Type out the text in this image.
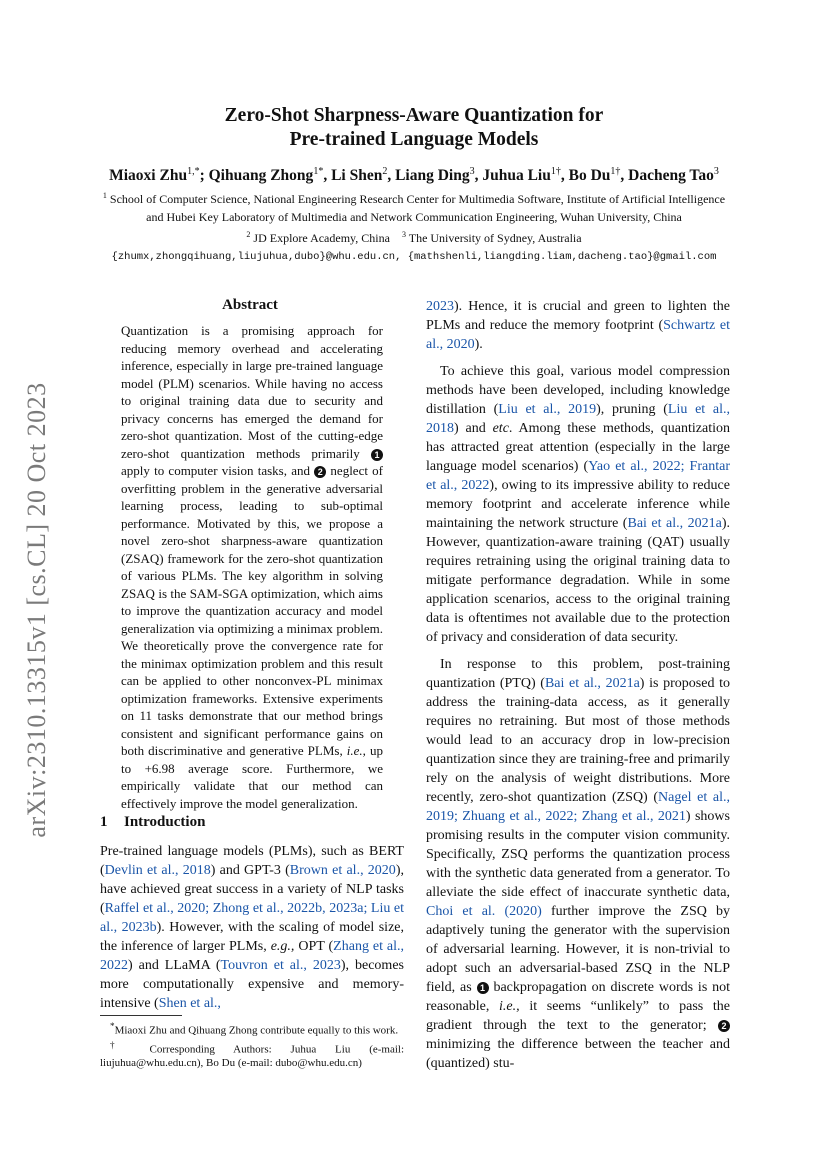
arXiv:2310.13315v1 [cs.CL] 20 Oct 2023
Zero-Shot Sharpness-Aware Quantization for
Pre-trained Language Models
Miaoxi Zhu$^{1,*}$; Qihuang Zhong$^{1*}$, Li Shen$^2$, Liang Ding$^3$, Juhua Liu$^{1\dagger}$, Bo $Du^{1\dagger}$, Dacheng Tao$^3$
$^1$ School of Computer Science, National Engineering Research Center for Multimedia Software, Institute of Artificial Intelligence
and Hubei Key Laboratory of Multimedia and Network Communication Engineering, Wuhan University, China
$^2$ JD Explore Academy, China $^3$ The University of Sydney, Australia
{zhumx,zhongqihuang,liujuhua,dubo}@whu.edu.cn, {mathshenli,liangding.liam,dacheng.tao}@gmail.com
Abstract
Quantization is a promising approach for reducing memory overhead and accelerating inference, especially in large pre-trained language model (PLM) scenarios. While having no access to original training data due to security and privacy concerns has emerged the demand for zero-shot quantization. Most of the cutting-edge zero-shot quantization methods primarily 1 apply to computer vision tasks, and 2 neglect of overfitting problem in the generative adversarial learning process, leading to sub-optimal performance. Motivated by this, we propose a novel zero-shot sharpness-aware quantization (ZSAQ) framework for the zero-shot quantization of various PLMs. The key algorithm in solving ZSAQ is the SAM-SGA optimization, which aims to improve the quantization accuracy and model generalization via optimizing a minimax problem. We theoretically prove the convergence rate for the minimax optimization problem and this result can be applied to other nonconvex-PL minimax optimization frameworks. Extensive experiments on 11 tasks demonstrate that our method brings consistent and significant performance gains on both discriminative and generative PLMs, i.e., up to +6.98 average score. Furthermore, we empirically validate that our method can effectively improve the model generalization.
1 Introduction
Pre-trained language models (PLMs), such as BERT (Devlin et al., 2018) and GPT-3 (Brown et al., 2020), have achieved great success in a variety of NLP tasks (Raffel et al., 2020; Zhong et al., 2022b, 2023a; Liu et al., 2023b). However, with the scaling of model size, the inference of larger PLMs, e.g., OPT (Zhang et al., 2022) and LLaMA (Touvron et al., 2023), becomes more computationally expensive and memory-intensive (Shen et al.,

*Miaoxi Zhu and Qihuang Zhong contribute equally to this work.

† Corresponding Authors: Juhua Liu (e-mail: liujuhua@whu.edu.cn), Bo Du (e-mail: dubo@whu.edu.cn)

2023). Hence, it is crucial and green to lighten the PLMs and reduce the memory footprint (Schwartz et al., 2020).

To achieve this goal, various model compression methods have been developed, including knowledge distillation (Liu et al., 2019), pruning (Liu et al., 2018) and etc. Among these methods, quantization has attracted great attention (especially in the large language model scenarios) (Yao et al., 2022; Frantar et al., 2022), owing to its impressive ability to reduce memory footprint and accelerate inference while maintaining the network structure (Bai et al., 2021a). However, quantization-aware training (QAT) usually requires retraining using the original training data to mitigate performance degradation. While in some application scenarios, access to the original training data is oftentimes not available due to the protection of privacy and consideration of data security.

In response to this problem, post-training quantization (PTQ) (Bai et al., 2021a) is proposed to address the training-data access, as it generally requires no retraining. But most of those methods would lead to an accuracy drop in low-precision quantization since they are training-free and primarily rely on the analysis of weight distributions. More recently, zero-shot quantization (ZSQ) (Nagel et al., 2019; Zhuang et al., 2022; Zhang et al., 2021) shows promising results in the computer vision community. Specifically, ZSQ performs the quantization process with the synthetic data generated from a generator. To alleviate the side effect of inaccurate synthetic data, Choi et al. (2020) further improve the ZSQ by adaptively tuning the generator with the supervision of adversarial learning. However, it is non-trivial to adopt such an adversarial-based ZSQ in the NLP field, as 1 backpropagation on discrete words is not reasonable, i.e., it seems “unlikely” to pass the gradient through the text to the generator; 2 minimizing the difference between the teacher and (quantized) stu-
